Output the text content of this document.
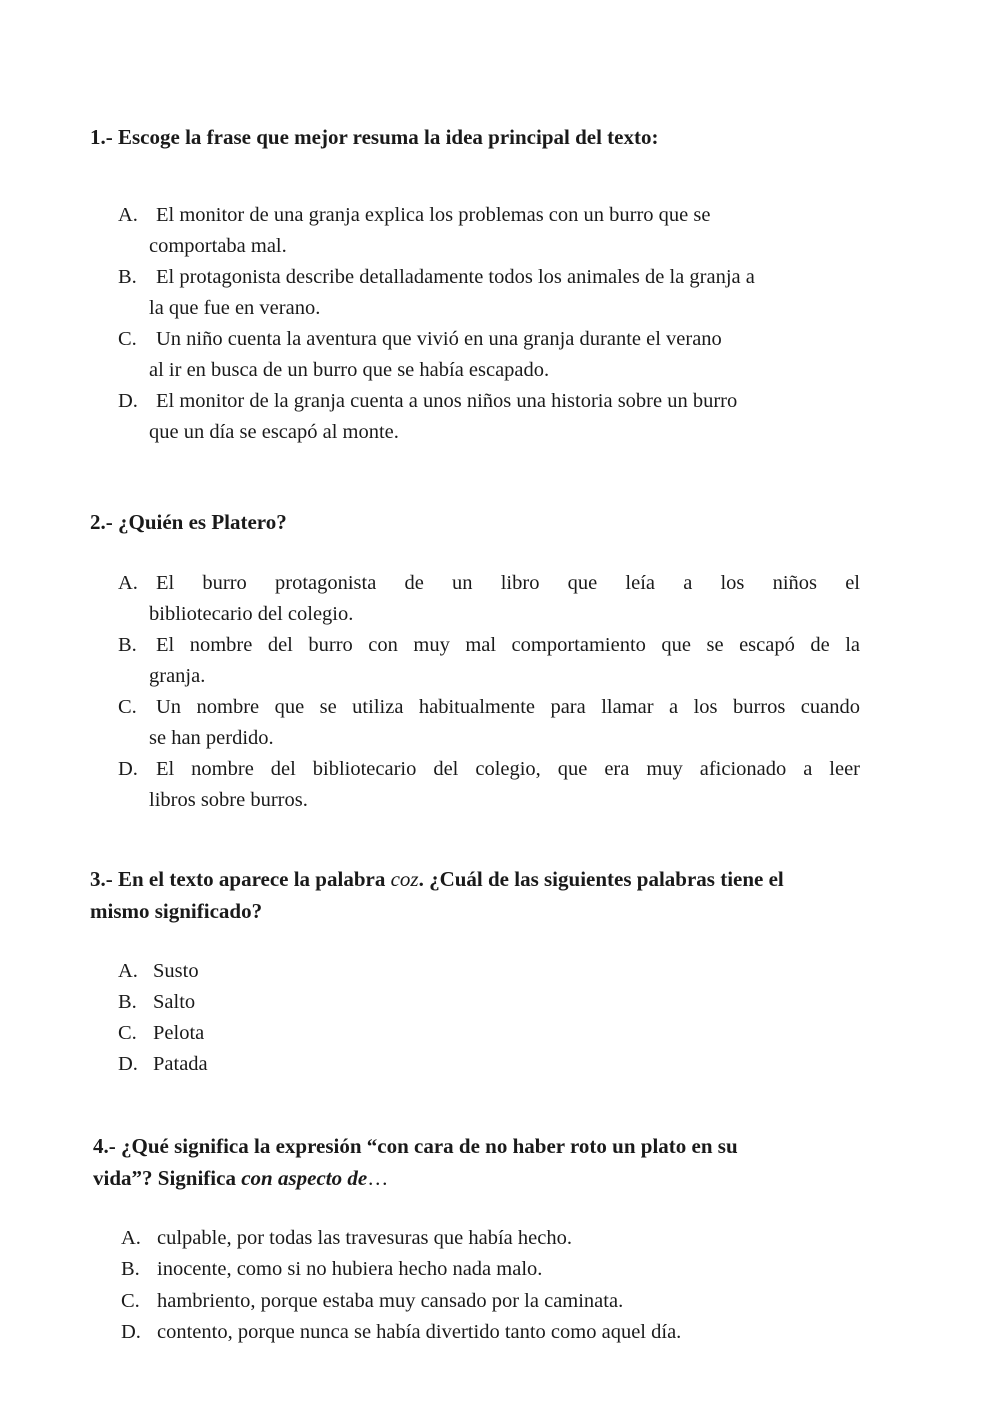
1.- Escoge la frase que mejor resuma la idea principal del texto:
A. El monitor de una granja explica los problemas con un burro que se
comportaba mal.
B. El protagonista describe detalladamente todos los animales de la granja a
la que fue en verano.
C. Un niño cuenta la aventura que vivió en una granja durante el verano
al ir en busca de un burro que se había escapado.
D. El monitor de la granja cuenta a unos niños una historia sobre un burro
que un día se escapó al monte.
2.- ¿Quién es Platero?
A. El burro protagonista de un libro que leía a los niños el
bibliotecario del colegio.
B. El nombre del burro con muy mal comportamiento que se escapó de la
granja.
C. Un nombre que se utiliza habitualmente para llamar a los burros cuando
se han perdido.
D. El nombre del bibliotecario del colegio, que era muy aficionado a leer
libros sobre burros.
3.- En el texto aparece la palabra coz. ¿Cuál de las siguientes palabras tiene el
mismo significado?
A. Susto
B. Salto
C. Pelota
D. Patada
4.- ¿Qué significa la expresión “con cara de no haber roto un plato en su
vida”? Significa con aspecto de…
A. culpable, por todas las travesuras que había hecho.
B. inocente, como si no hubiera hecho nada malo.
C. hambriento, porque estaba muy cansado por la caminata.
D. contento, porque nunca se había divertido tanto como aquel día.
